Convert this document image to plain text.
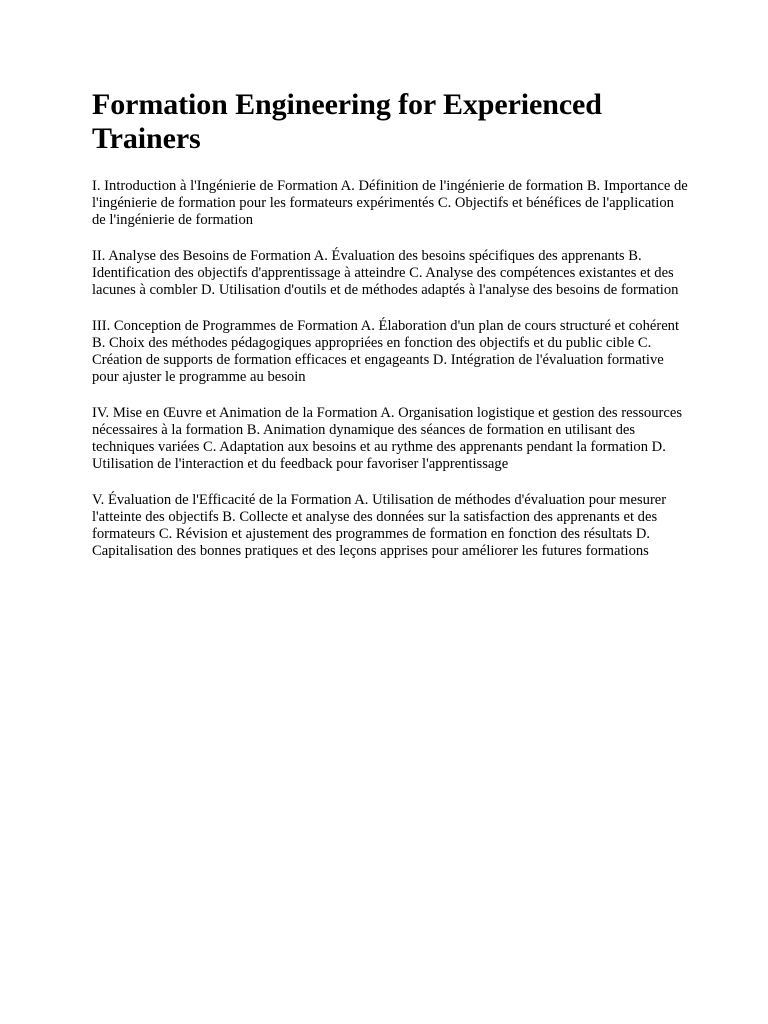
Formation Engineering for Experienced Trainers

I. Introduction à l'Ingénierie de Formation A. Définition de l'ingénierie de formation B. Importance de l'ingénierie de formation pour les formateurs expérimentés C. Objectifs et bénéfices de l'application de l'ingénierie de formation

II. Analyse des Besoins de Formation A. Évaluation des besoins spécifiques des apprenants B. Identification des objectifs d'apprentissage à atteindre C. Analyse des compétences existantes et des lacunes à combler D. Utilisation d'outils et de méthodes adaptés à l'analyse des besoins de formation

III. Conception de Programmes de Formation A. Élaboration d'un plan de cours structuré et cohérent B. Choix des méthodes pédagogiques appropriées en fonction des objectifs et du public cible C. Création de supports de formation efficaces et engageants D. Intégration de l'évaluation formative pour ajuster le programme au besoin

IV. Mise en Œuvre et Animation de la Formation A. Organisation logistique et gestion des ressources nécessaires à la formation B. Animation dynamique des séances de formation en utilisant des techniques variées C. Adaptation aux besoins et au rythme des apprenants pendant la formation D. Utilisation de l'interaction et du feedback pour favoriser l'apprentissage

V. Évaluation de l'Efficacité de la Formation A. Utilisation de méthodes d'évaluation pour mesurer l'atteinte des objectifs B. Collecte et analyse des données sur la satisfaction des apprenants et des formateurs C. Révision et ajustement des programmes de formation en fonction des résultats D. Capitalisation des bonnes pratiques et des leçons apprises pour améliorer les futures formations
